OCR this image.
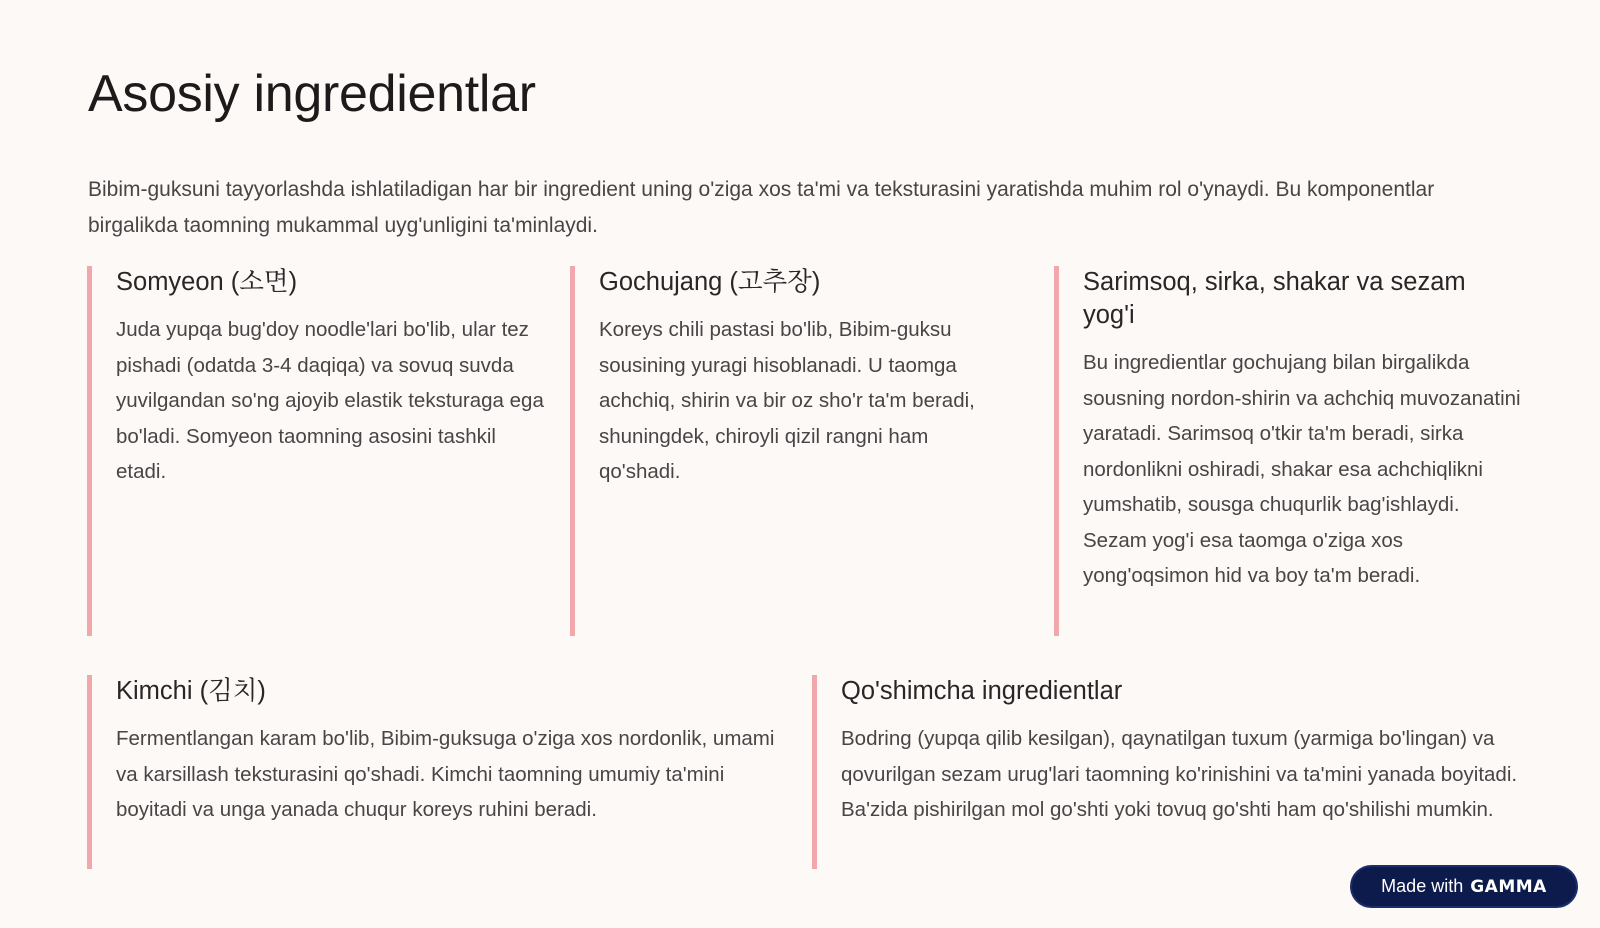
Asosiy ingredientlar

Bibim-guksuni tayyorlashda ishlatiladigan har bir ingredient uning o'ziga xos ta'mi va teksturasini yaratishda muhim rol o'ynaydi. Bu komponentlar birgalikda taomning mukammal uyg'unligini ta'minlaydi.

Somyeon (소면)

Juda yupqa bug'doy noodle'lari bo'lib, ular tez pishadi (odatda 3-4 daqiqa) va sovuq suvda yuvilgandan so'ng ajoyib elastik teksturaga ega bo'ladi. Somyeon taomning asosini tashkil etadi.

Gochujang (고추장)

Koreys chili pastasi bo'lib, Bibim-guksu sousining yuragi hisoblanadi. U taomga achchiq, shirin va bir oz sho'r ta'm beradi, shuningdek, chiroyli qizil rangni ham qo'shadi.

Sarimsoq, sirka, shakar va sezam yog'i

Bu ingredientlar gochujang bilan birgalikda sousning nordon-shirin va achchiq muvozanatini yaratadi. Sarimsoq o'tkir ta'm beradi, sirka nordonlikni oshiradi, shakar esa achchiqlikni yumshatib, sousga chuqurlik bag'ishlaydi. Sezam yog'i esa taomga o'ziga xos yong'oqsimon hid va boy ta'm beradi.

Kimchi (김치)

Fermentlangan karam bo'lib, Bibim-guksuga o'ziga xos nordonlik, umami va karsillash teksturasini qo'shadi. Kimchi taomning umumiy ta'mini boyitadi va unga yanada chuqur koreys ruhini beradi.

Qo'shimcha ingredientlar

Bodring (yupqa qilib kesilgan), qaynatilgan tuxum (yarmiga bo'lingan) va qovurilgan sezam urug'lari taomning ko'rinishini va ta'mini yanada boyitadi. Ba'zida pishirilgan mol go'shti yoki tovuq go'shti ham qo'shilishi mumkin.

Made with GAMMA
